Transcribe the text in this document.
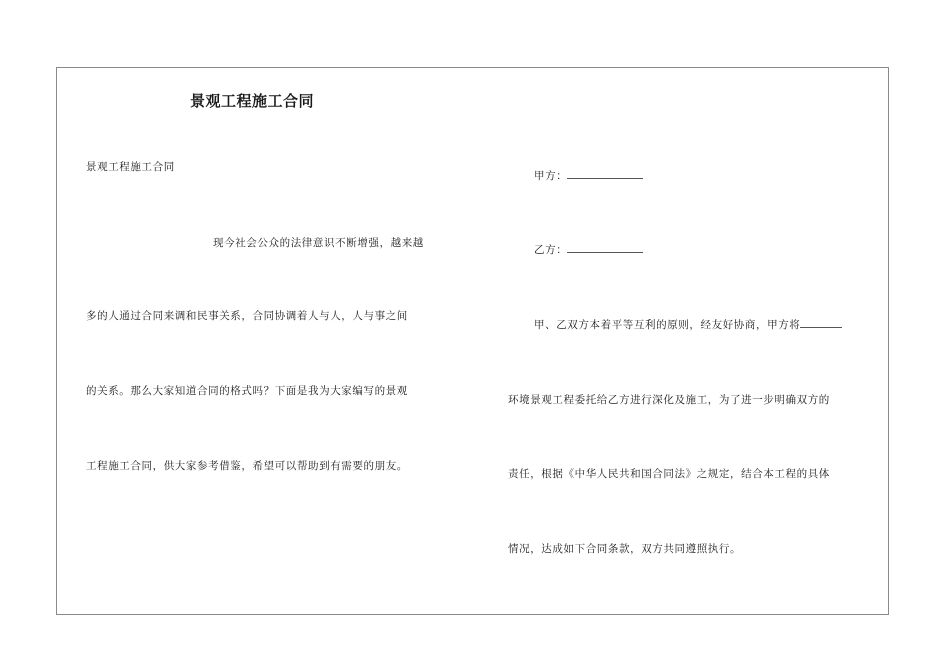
景观工程施工合同
景观工程施工合同
现今社会公众的法律意识不断增强，越来越
多的人通过合同来调和民事关系，合同协调着人与人，人与事之间
的关系。那么大家知道合同的格式吗？下面是我为大家编写的景观
工程施工合同，供大家参考借鉴，希望可以帮助到有需要的朋友。
甲方：
乙方：
甲、乙双方本着平等互利的原则，经友好协商，甲方将
环境景观工程委托给乙方进行深化及施工，为了进一步明确双方的
责任，根据《中华人民共和国合同法》之规定，结合本工程的具体
情况，达成如下合同条款，双方共同遵照执行。
